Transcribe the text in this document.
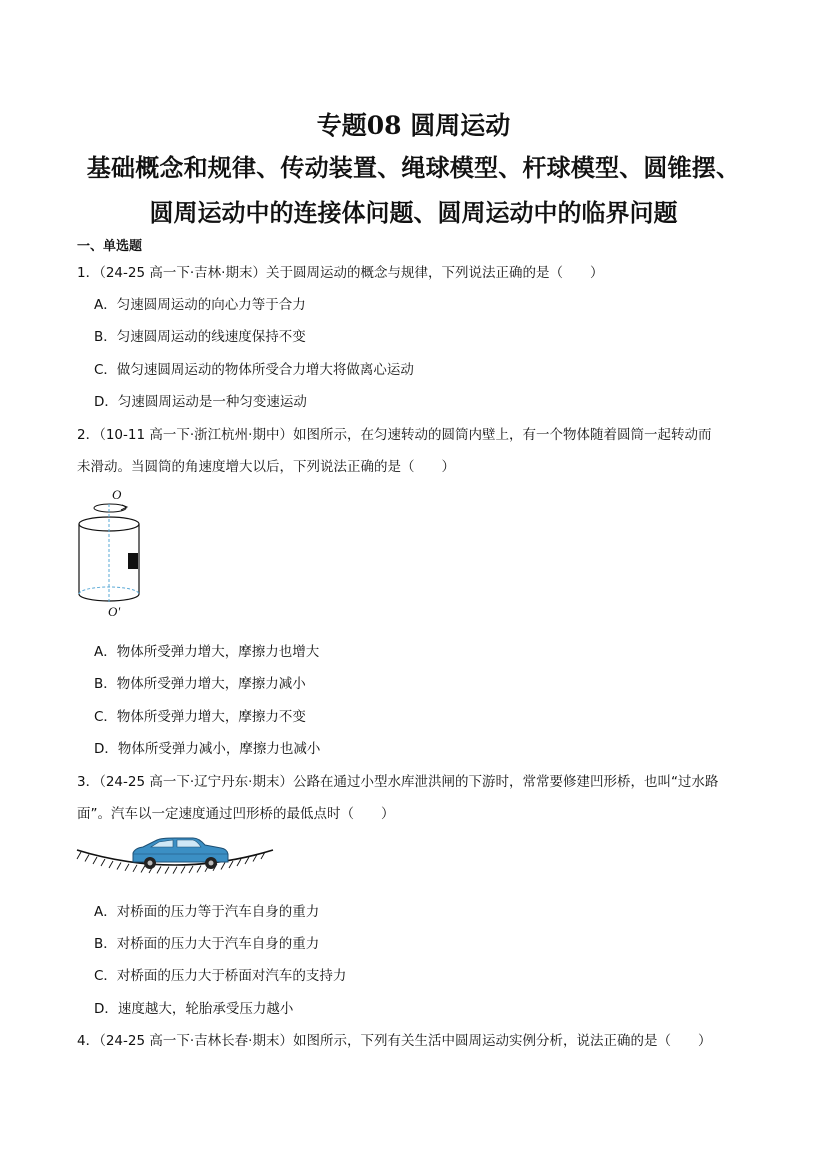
专题08 圆周运动
基础概念和规律、传动装置、绳球模型、杆球模型、圆锥摆、
圆周运动中的连接体问题、圆周运动中的临界问题
一、单选题
1．（24-25 高一下·吉林·期末）关于圆周运动的概念与规律，下列说法正确的是（　　）
A．匀速圆周运动的向心力等于合力
B．匀速圆周运动的线速度保持不变
C．做匀速圆周运动的物体所受合力增大将做离心运动
D．匀速圆周运动是一种匀变速运动
2．（10-11 高一下·浙江杭州·期中）如图所示，在匀速转动的圆筒内壁上，有一个物体随着圆筒一起转动而
未滑动。当圆筒的角速度增大以后，下列说法正确的是（　　）
O
O'
A．物体所受弹力增大，摩擦力也增大
B．物体所受弹力增大，摩擦力减小
C．物体所受弹力增大，摩擦力不变
D．物体所受弹力减小，摩擦力也减小
3．（24-25 高一下·辽宁丹东·期末）公路在通过小型水库泄洪闸的下游时，常常要修建凹形桥，也叫“过水路
面”。汽车以一定速度通过凹形桥的最低点时（　　）
A．对桥面的压力等于汽车自身的重力
B．对桥面的压力大于汽车自身的重力
C．对桥面的压力大于桥面对汽车的支持力
D．速度越大，轮胎承受压力越小
4．（24-25 高一下·吉林长春·期末）如图所示，下列有关生活中圆周运动实例分析，说法正确的是（　　）
